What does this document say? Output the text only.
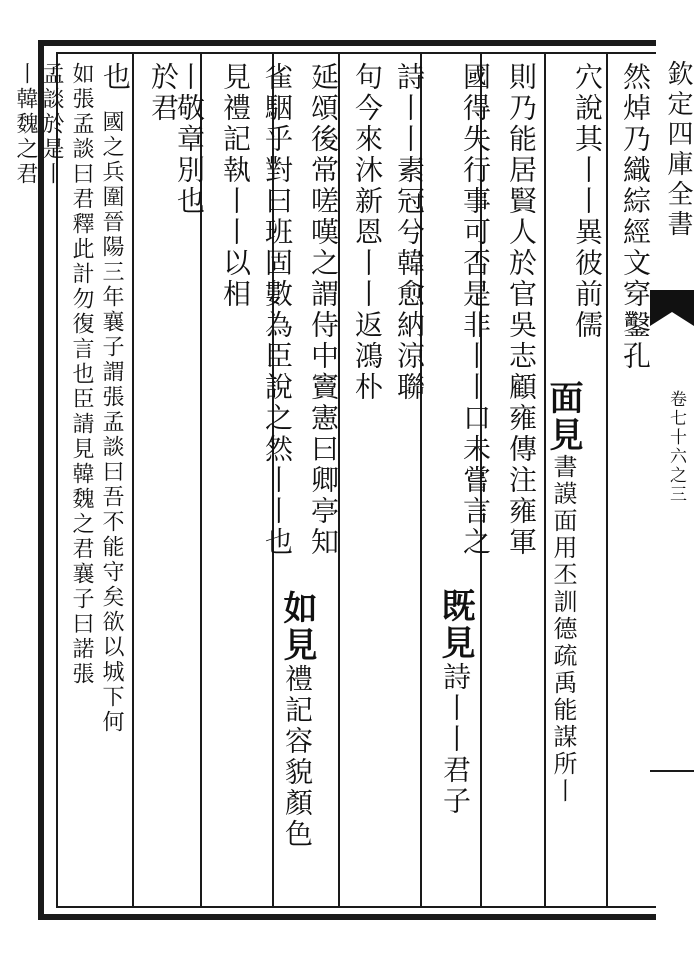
欽定四庫全書
卷七十六之三
然焯乃織綜經文穿鑿孔
穴說其丨丨異彼前儒
面見書謨面用丕訓德疏禹能謀所丨
則乃能居賢人於官吳志顧雍傳注雍軍
國得失行事可否是非丨丨口未嘗言之
既見詩丨丨君子
詩丨丨素冠兮韓愈納涼聯
句今來沐新恩丨丨返鴻朴
延頌後常嗟嘆之謂侍中竇憲曰卿亭知
如見禮記容貌顏色
雀駰乎對曰班固數為臣說之然丨丨也
見禮記執丨丨以相
丨敬章別也
於君
也
國之兵圍晉陽三年襄子謂張孟談曰吾不能守矣欲以城下何
如張孟談曰君釋此計勿復言也臣請見韓魏之君襄子曰諾張
孟談於是丨
丨韓魏之君
